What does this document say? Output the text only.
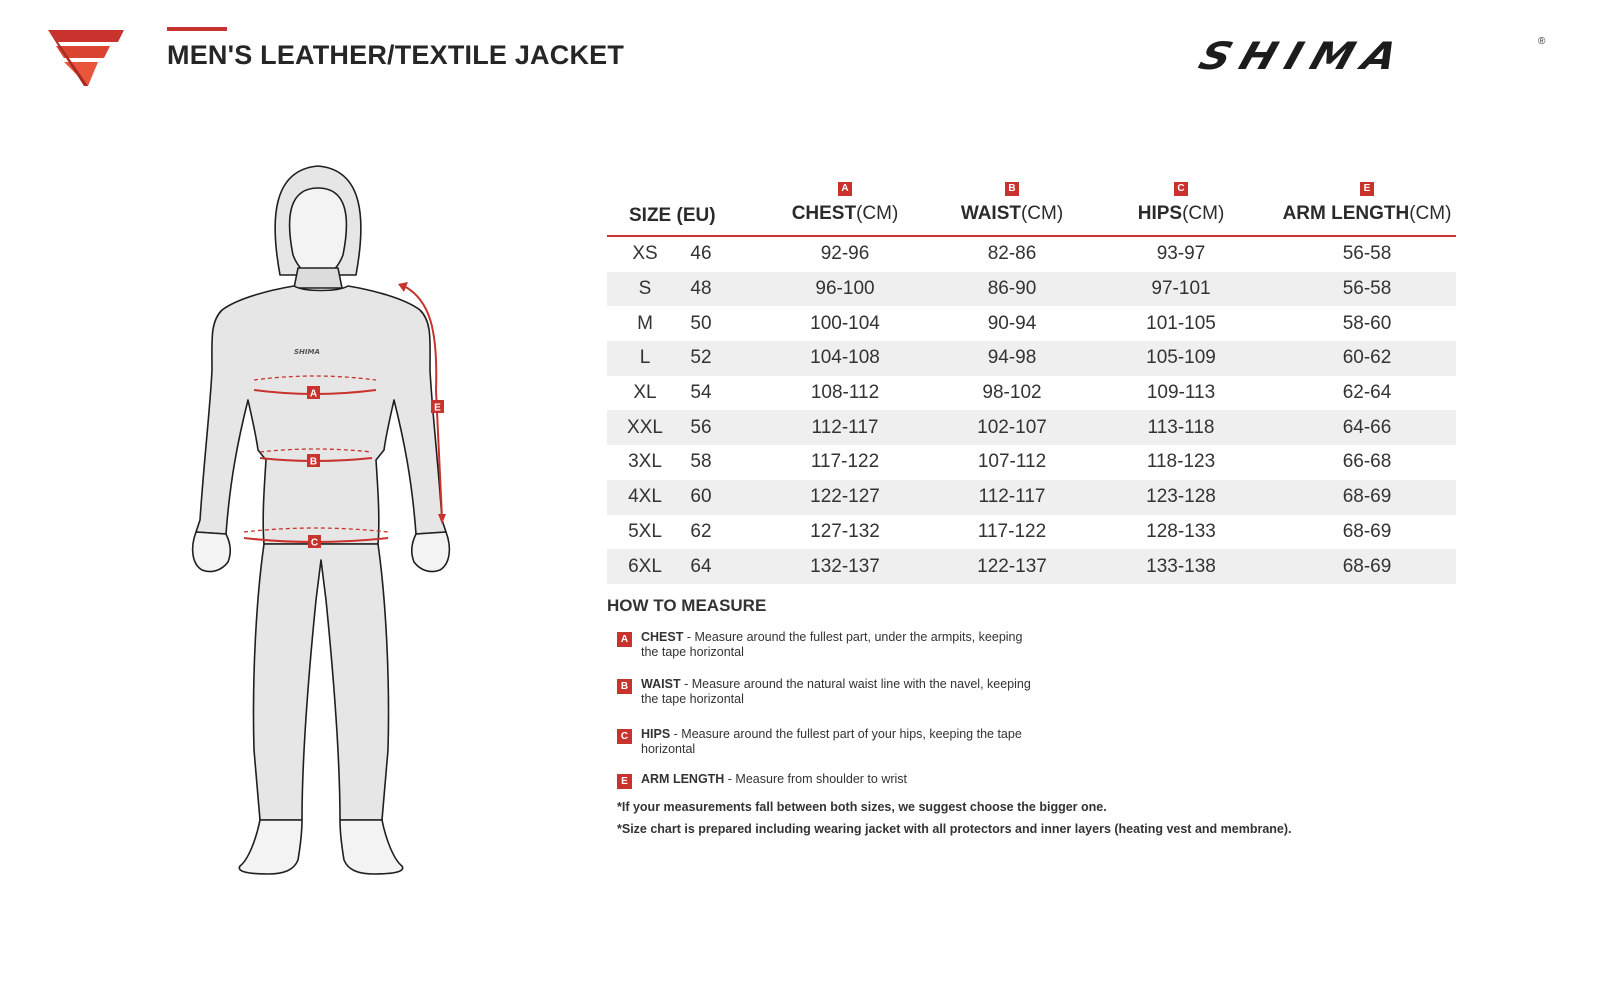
MEN'S LEATHER/TEXTILE JACKET	SHIMA	®
SHIMA
A
B
C
E
SIZE (EU)
A
CHEST(CM)
B
WAIST(CM)
C
HIPS(CM)
E
ARM LENGTH(CM)
XS 46	92-96	82-86	93-97	56-58
S 48	96-100	86-90	97-101	56-58
M 50	100-104	90-94	101-105	58-60
L 52	104-108	94-98	105-109	60-62
XL 54	108-112	98-102	109-113	62-64
XXL 56	112-117	102-107	113-118	64-66
3XL 58	117-122	107-112	118-123	66-68
4XL 60	122-127	112-117	123-128	68-69
5XL 62	127-132	117-122	128-133	68-69
6XL 64	132-137	122-137	133-138	68-69
HOW TO MEASURE
A	CHEST - Measure around the fullest part, under the armpits, keeping the tape horizontal
B	WAIST - Measure around the natural waist line with the navel, keeping the tape horizontal
C	HIPS - Measure around the fullest part of your hips, keeping the tape horizontal
E	ARM LENGTH - Measure from shoulder to wrist
*If your measurements fall between both sizes, we suggest choose the bigger one.
*Size chart is prepared including wearing jacket with all protectors and inner layers (heating vest and membrane).
